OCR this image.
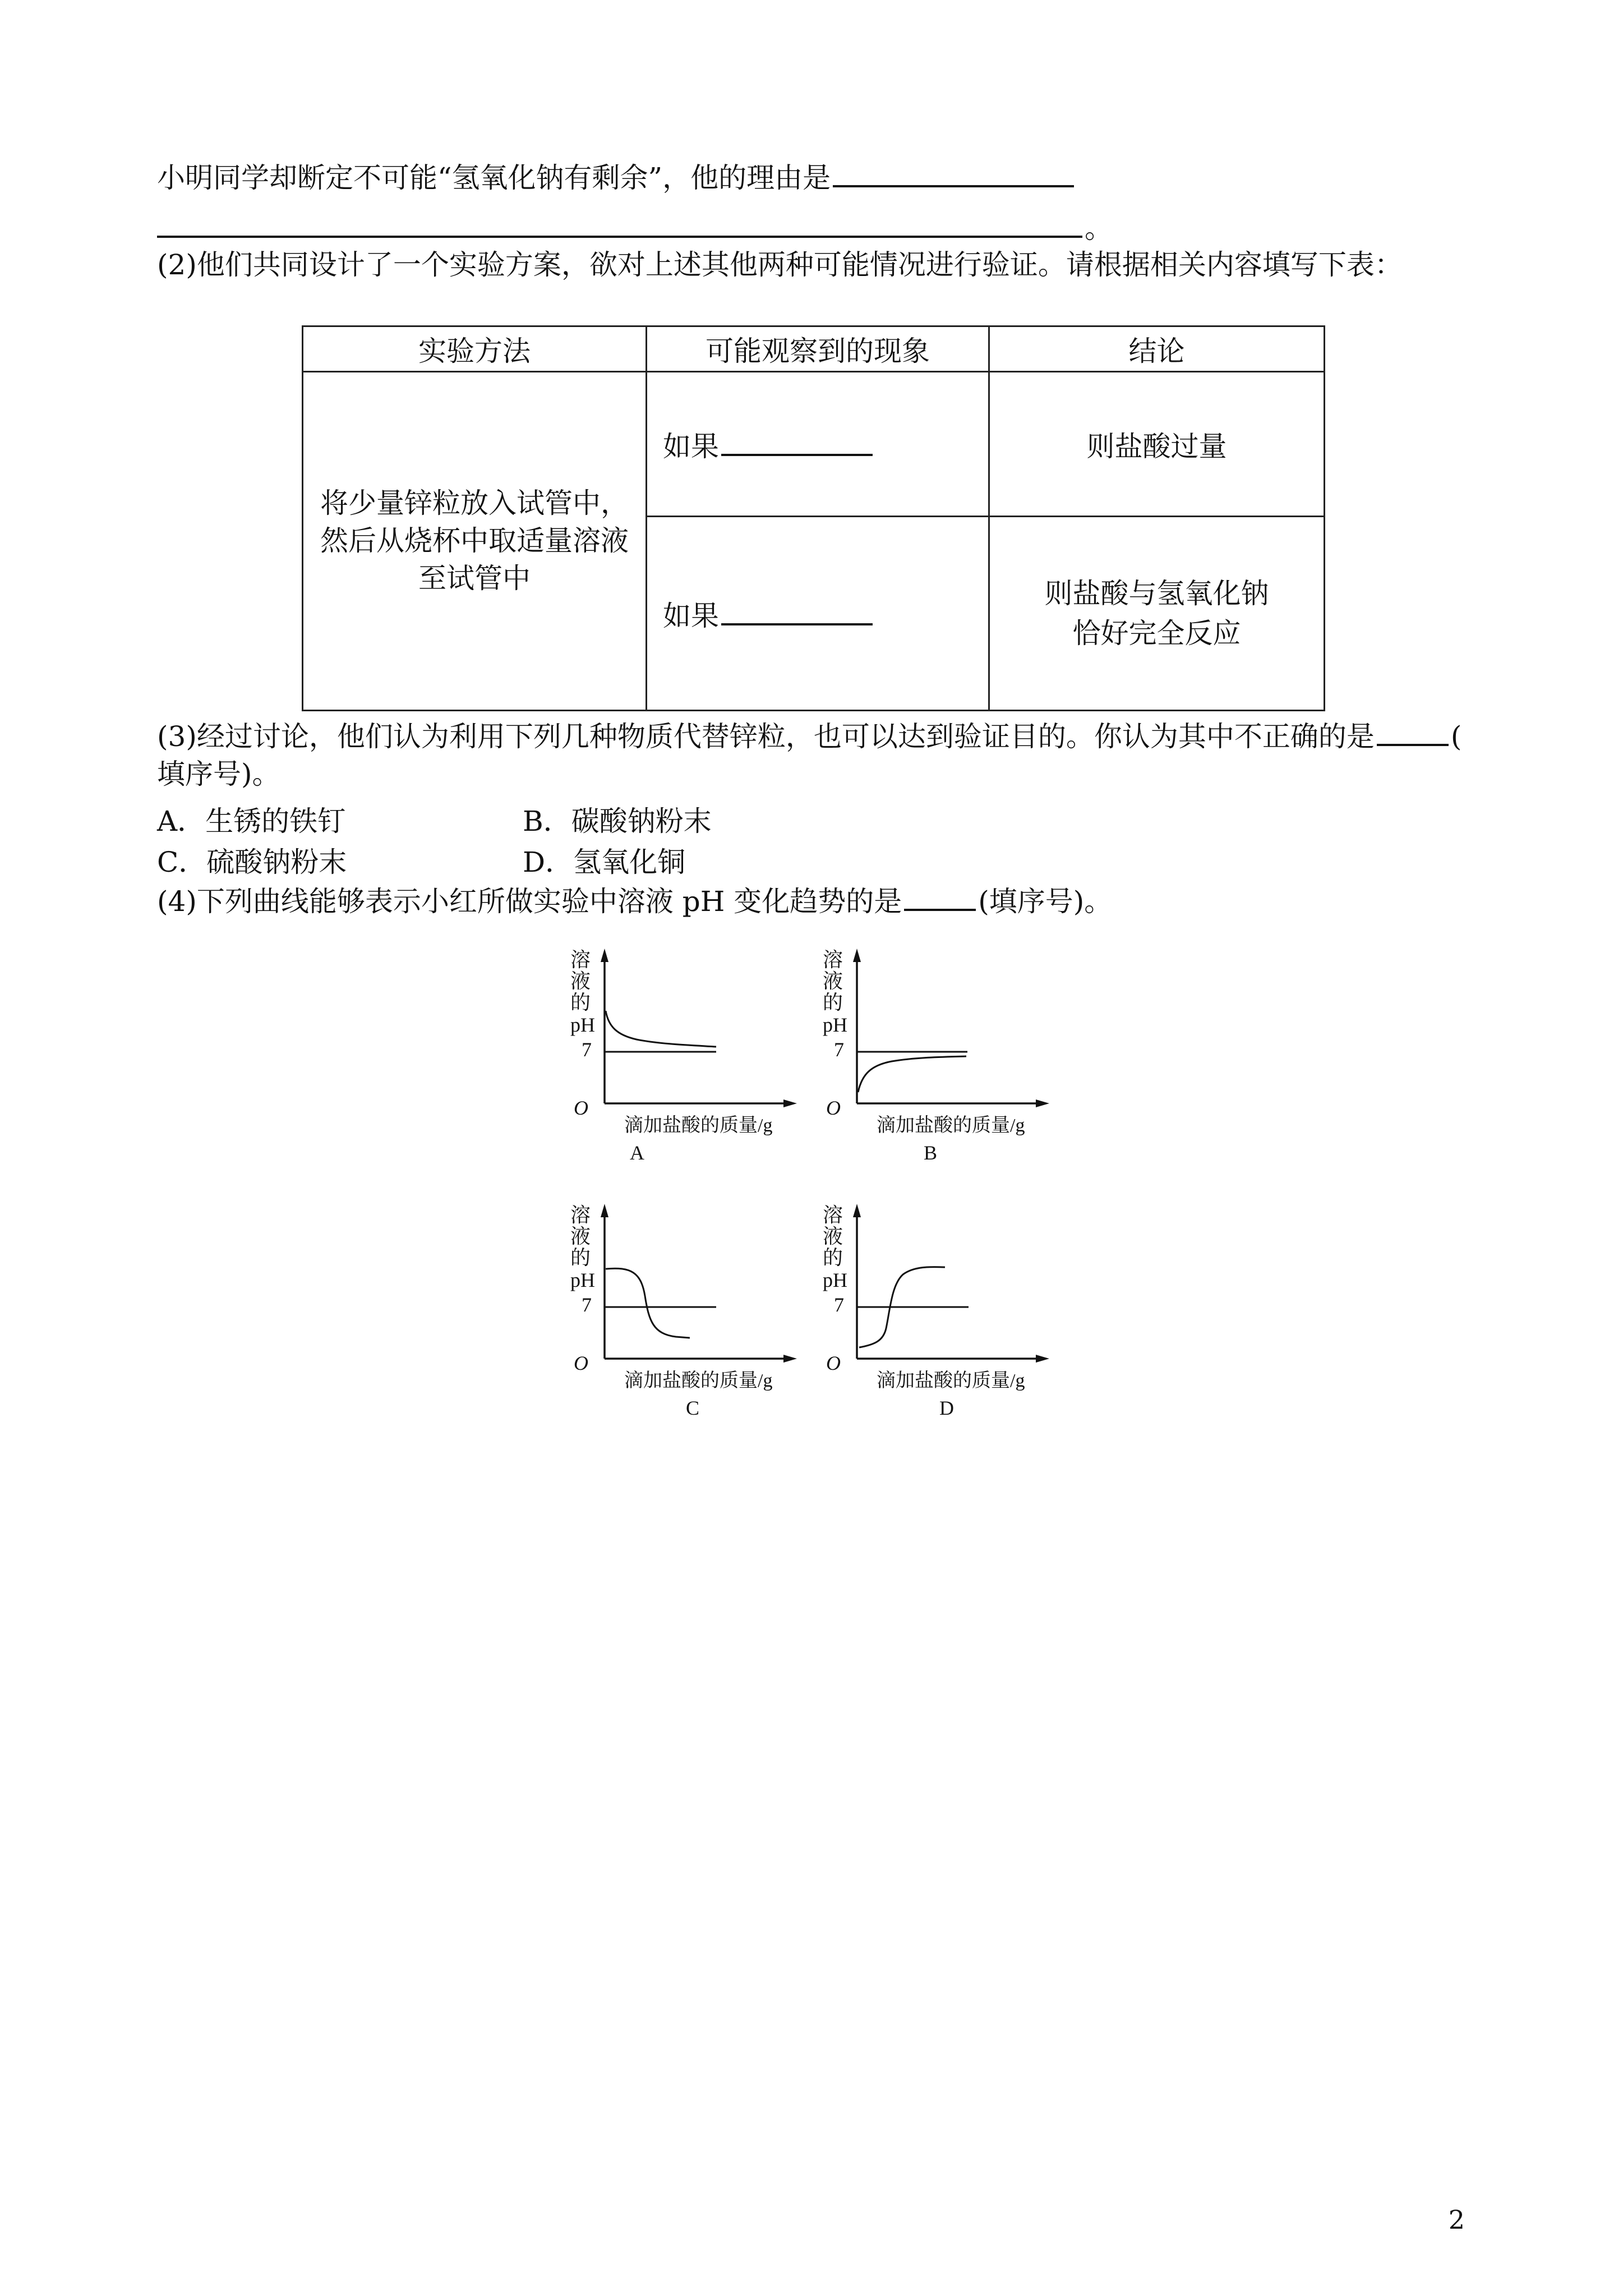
小明同学却断定不可能“氢氧化钠有剩余”，他的理由是
。
(2)他们共同设计了一个实验方案，欲对上述其他两种可能情况进行验证。请根据相关内容填写下表：
实验方法	可能观察到的现象	结论

将少量锌粒放入试管中，
然后从烧杯中取适量溶液
至试管中	如果	则盐酸过量
	如果	则盐酸与氢氧化钠
恰好完全反应
(3)经过讨论，他们认为利用下列几种物质代替锌粒，也可以达到验证目的。你认为其中不正确的是	(
填序号)。
A．生锈的铁钉	B．碳酸钠粉末
C．硫酸钠粉末	D．氢氧化铜
(4)下列曲线能够表示小红所做实验中溶液 pH 变化趋势的是	(填序号)。
溶
液
的
pH
7
O
滴加盐酸的质量/g
A
溶
液
的
pH
7
O
滴加盐酸的质量/g
B
溶
液
的
pH
7
O
滴加盐酸的质量/g
C
溶
液
的
pH
7
O
滴加盐酸的质量/g
D
2
